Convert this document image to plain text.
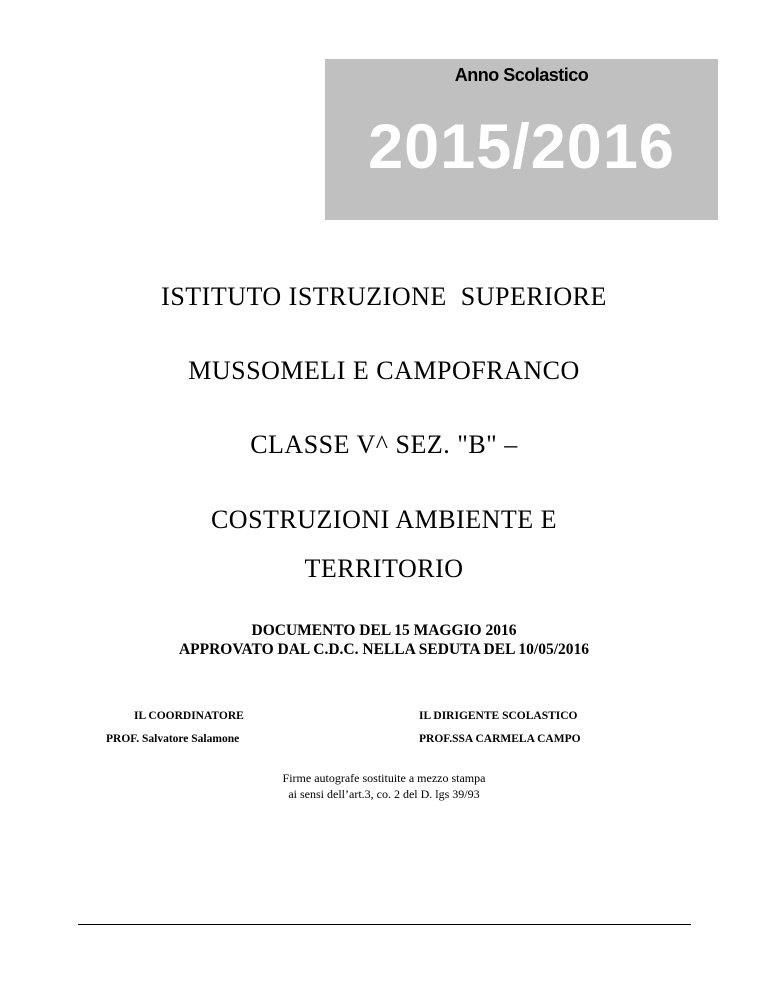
Anno Scolastico
2015/2016
ISTITUTO ISTRUZIONE  SUPERIORE
MUSSOMELI E CAMPOFRANCO
CLASSE V^ SEZ. "B" –
COSTRUZIONI AMBIENTE E
TERRITORIO
DOCUMENTO DEL 15 MAGGIO 2016
APPROVATO DAL C.D.C. NELLA SEDUTA DEL 10/05/2016
IL COORDINATORE
PROF. Salvatore Salamone
IL DIRIGENTE SCOLASTICO
PROF.SSA CARMELA CAMPO
Firme autografe sostituite a mezzo stampa
ai sensi dell’art.3, co. 2 del D. lgs 39/93
